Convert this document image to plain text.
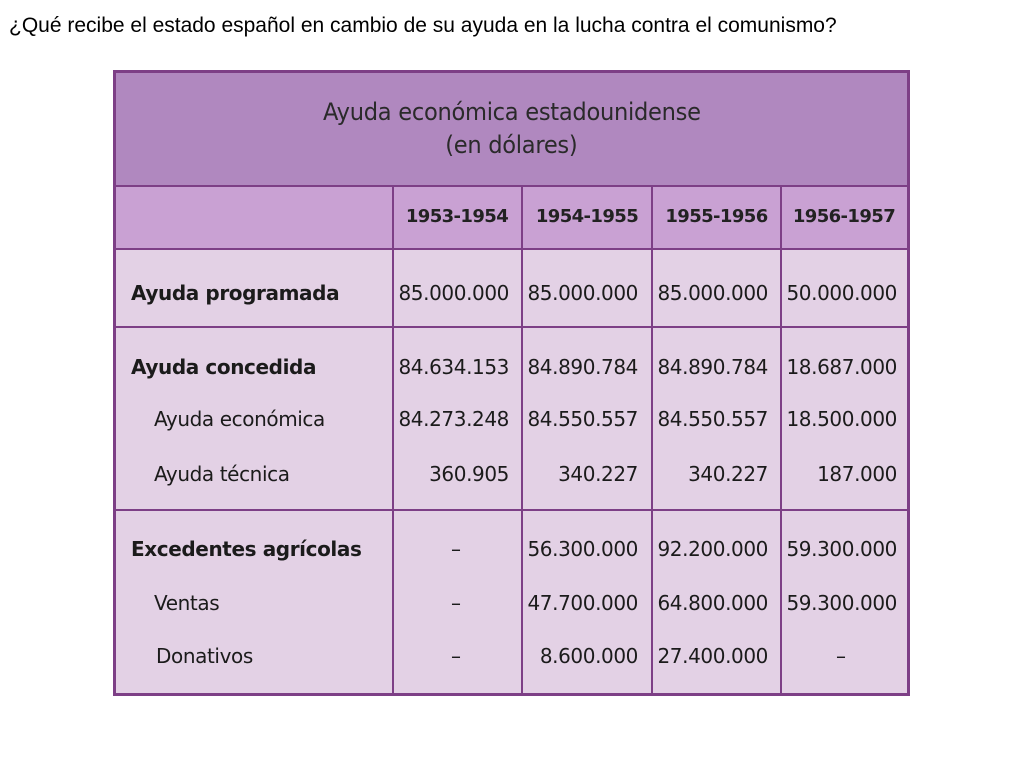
¿Qué recibe el estado español en cambio de su ayuda en la lucha contra el comunismo?
Ayuda económica estadounidense
(en dólares)
1953-1954	1954-1955	1955-1956	1956-1957
Ayuda programada	85.000.000 85.000.000 85.000.000 50.000.000
Ayuda concedida	84.634.153 84.890.784 84.890.784 18.687.000
Ayuda económica	84.273.248 84.550.557 84.550.557 18.500.000
Ayuda técnica	360.905	340.227	340.227	187.000
Excedentes agrícolas	–	56.300.000 92.200.000 59.300.000
Ventas	–	47.700.000 64.800.000 59.300.000
Donativos	–	8.600.000 27.400.000	–
